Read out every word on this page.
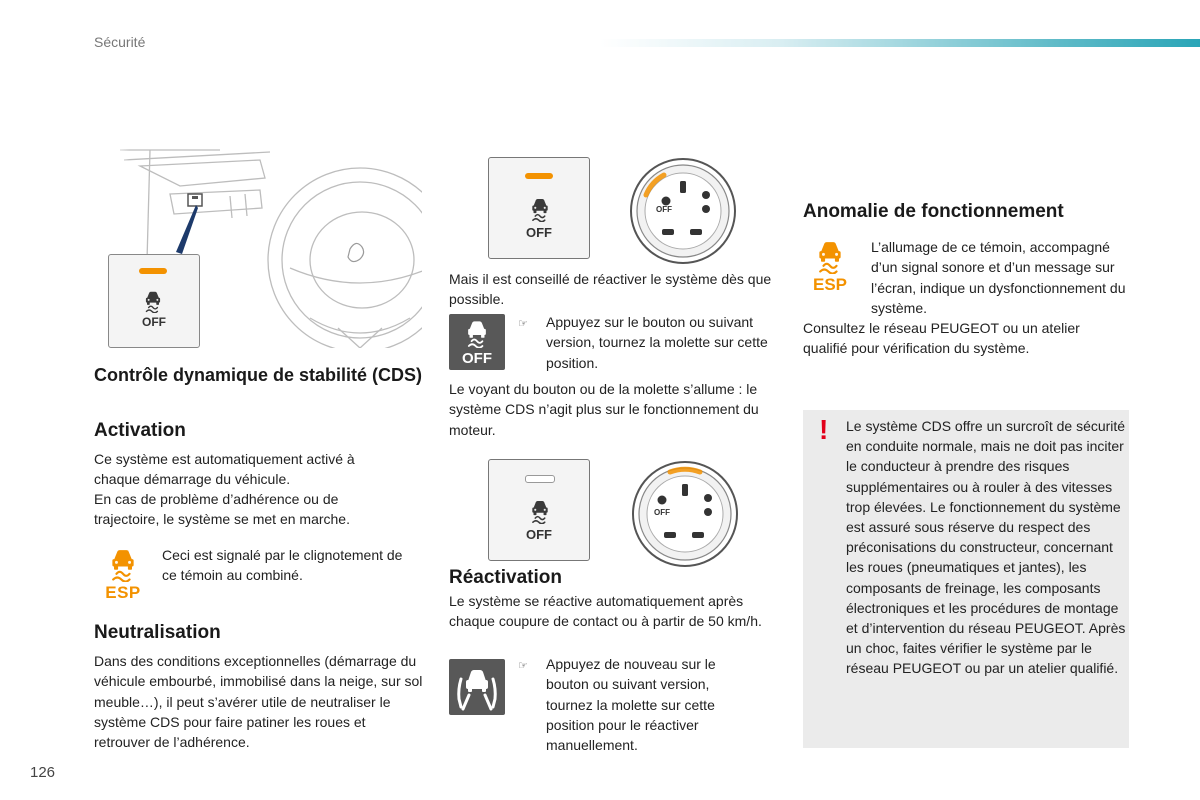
Sécurité
OFF
Contrôle dynamique de stabilité (CDS)
Activation
Ce système est automatiquement activé à chaque démarrage du véhicule.
En cas de problème d’adhérence ou de trajectoire, le système se met en marche.
ESP
Ceci est signalé par le clignotement de ce témoin au combiné.
Neutralisation
Dans des conditions exceptionnelles (démarrage du véhicule embourbé, immobilisé dans la neige, sur sol meuble…), il peut s’avérer utile de neutraliser le système CDS pour faire patiner les roues et retrouver de l’adhérence.
OFF
OFF
Mais il est conseillé de réactiver le système dès que possible.
OFF
☞	Appuyez sur le bouton ou suivant version, tournez la molette sur cette position.
Le voyant du bouton ou de la molette s’allume : le système CDS n’agit plus sur le fonctionnement du moteur.
OFF
OFF
Réactivation
Le système se réactive automatiquement après chaque coupure de contact ou à partir de 50 km/h.
☞	Appuyez de nouveau sur le bouton ou suivant version, tournez la molette sur cette position pour le réactiver manuellement.
Anomalie de fonctionnement
ESP
L’allumage de ce témoin, accompagné d’un signal sonore et d’un message sur l’écran, indique un dysfonctionnement du système.
Consultez le réseau PEUGEOT ou un atelier qualifié pour vérification du système.
! Le système CDS offre un surcroît de sécurité en conduite normale, mais ne doit pas inciter le conducteur à prendre des risques supplémentaires ou à rouler à des vitesses trop élevées. Le fonctionnement du système est assuré sous réserve du respect des préconisations du constructeur, concernant les roues (pneumatiques et jantes), les composants de freinage, les composants électroniques et les procédures de montage et d’intervention du réseau PEUGEOT. Après un choc, faites vérifier le système par le réseau PEUGEOT ou par un atelier qualifié.
126
